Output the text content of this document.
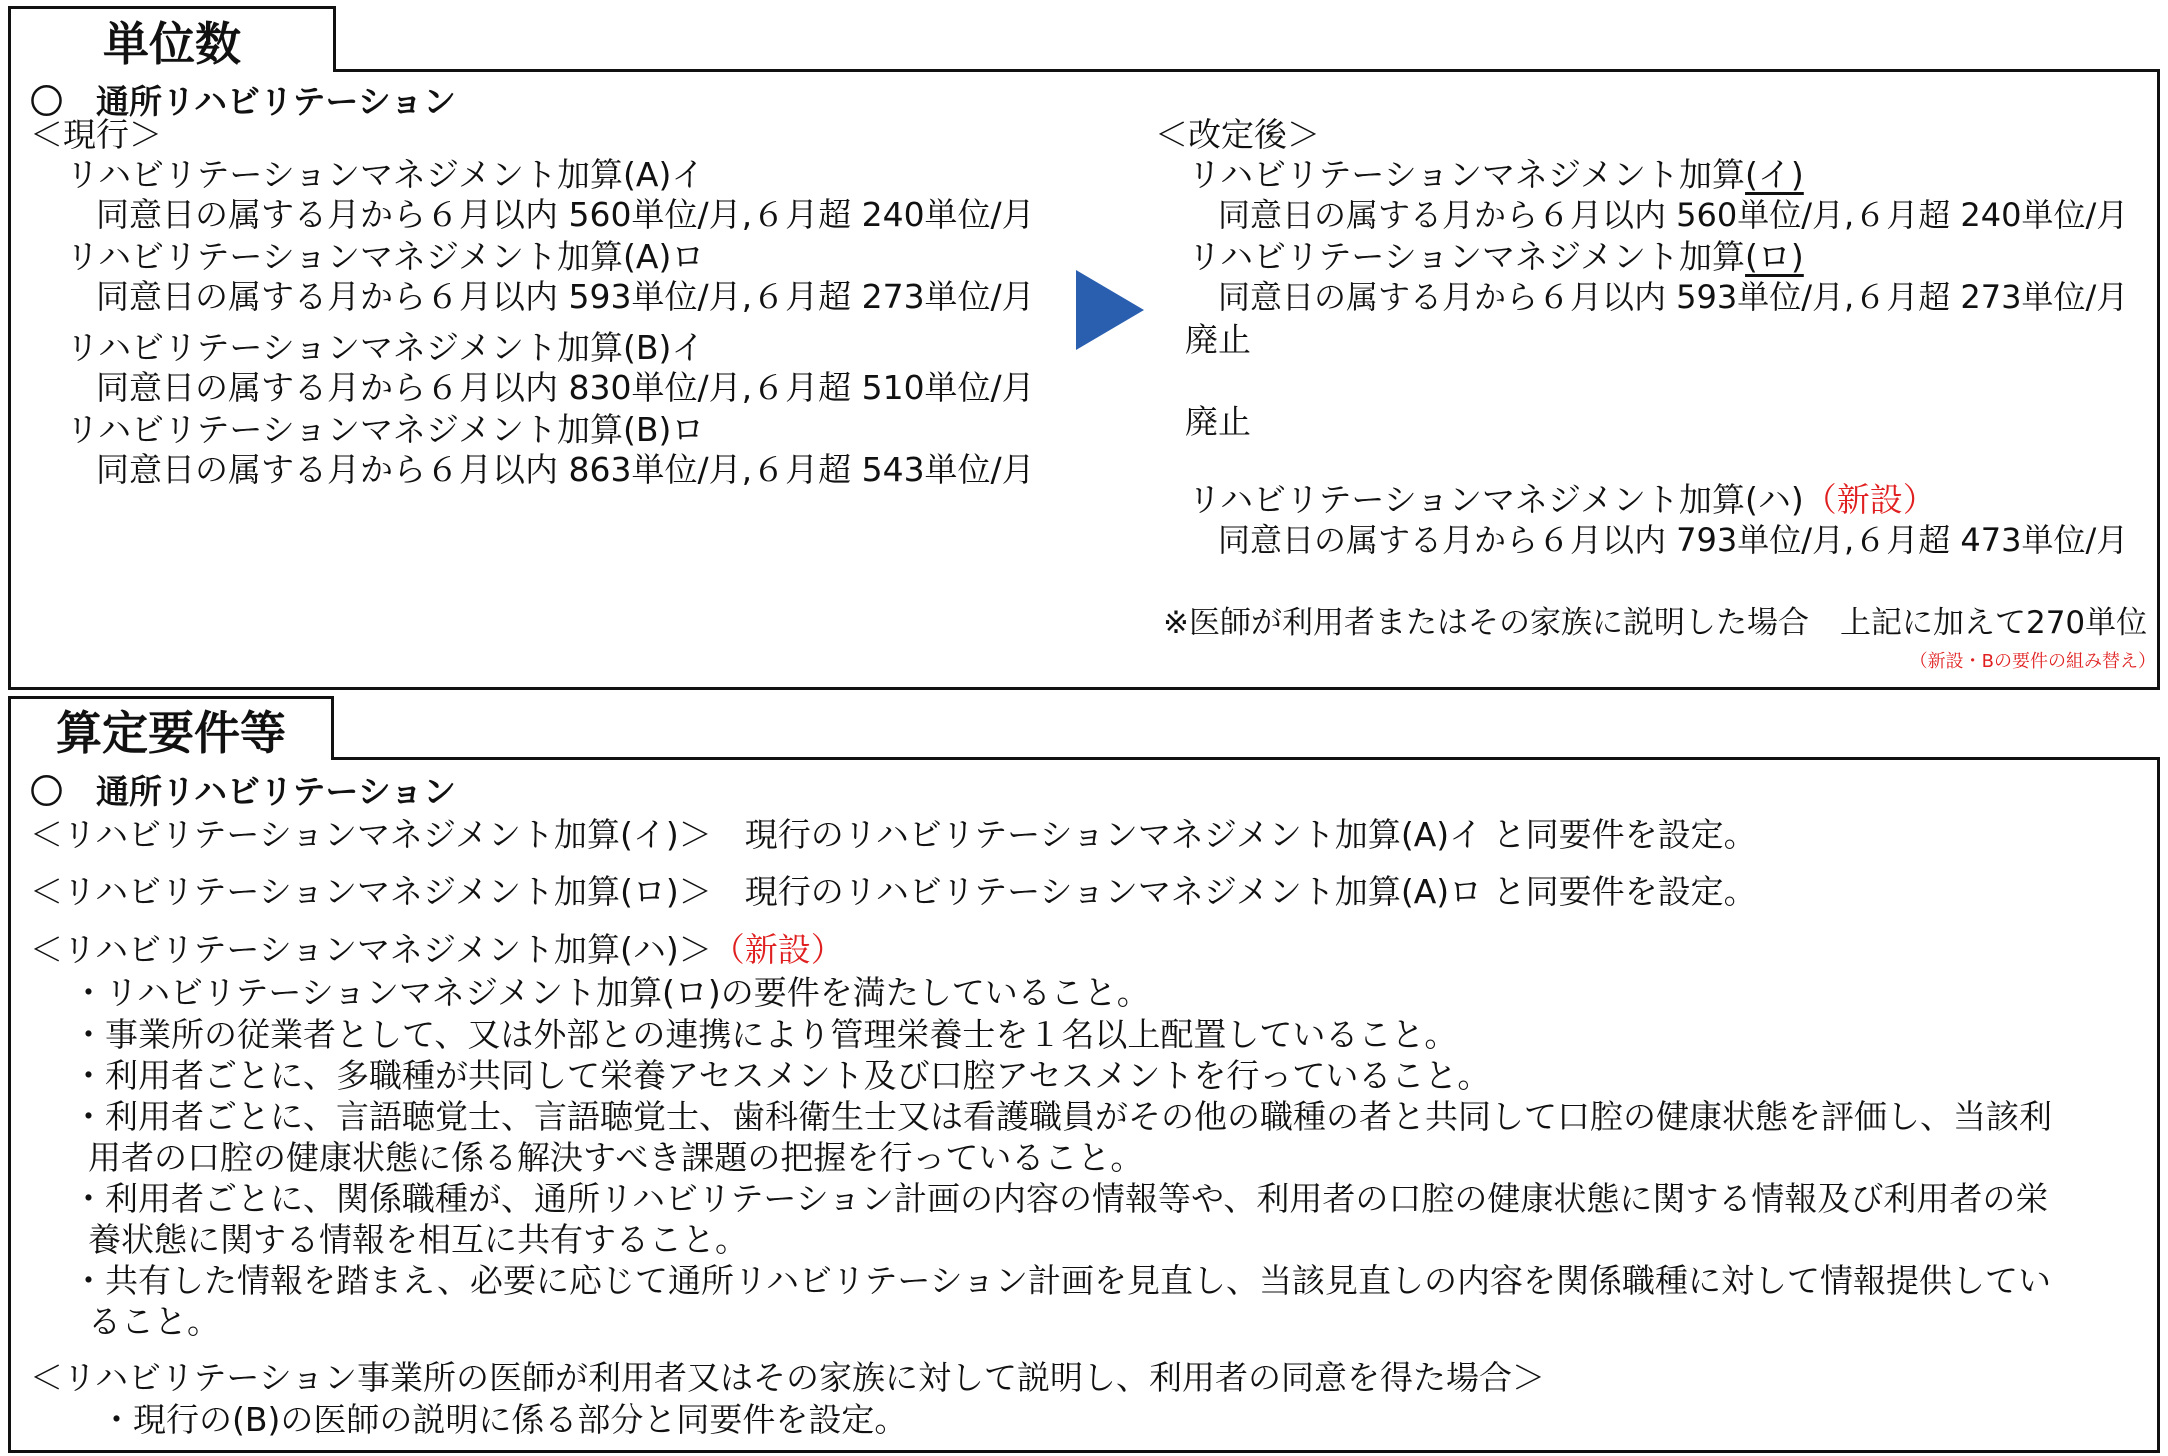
単位数
〇　通所リハビリテーション
＜現行＞
リハビリテーションマネジメント加算(A)イ
同意日の属する月から６月以内 560単位/月,６月超 240単位/月
リハビリテーションマネジメント加算(A)ロ
同意日の属する月から６月以内 593単位/月,６月超 273単位/月
リハビリテーションマネジメント加算(B)イ
同意日の属する月から６月以内 830単位/月,６月超 510単位/月
リハビリテーションマネジメント加算(B)ロ
同意日の属する月から６月以内 863単位/月,６月超 543単位/月
＜改定後＞
リハビリテーションマネジメント加算(イ)
同意日の属する月から６月以内 560単位/月,６月超 240単位/月
リハビリテーションマネジメント加算(ロ)
同意日の属する月から６月以内 593単位/月,６月超 273単位/月
廃止
廃止
リハビリテーションマネジメント加算(ハ)（新設）
同意日の属する月から６月以内 793単位/月,６月超 473単位/月
※医師が利用者またはその家族に説明した場合　上記に加えて270単位
（新設・Bの要件の組み替え）
算定要件等
〇　通所リハビリテーション
＜リハビリテーションマネジメント加算(イ)＞　現行のリハビリテーションマネジメント加算(A)イ と同要件を設定。
＜リハビリテーションマネジメント加算(ロ)＞　現行のリハビリテーションマネジメント加算(A)ロ と同要件を設定。
＜リハビリテーションマネジメント加算(ハ)＞（新設）
・リハビリテーションマネジメント加算(ロ)の要件を満たしていること。
・事業所の従業者として、又は外部との連携により管理栄養士を１名以上配置していること。
・利用者ごとに、多職種が共同して栄養アセスメント及び口腔アセスメントを行っていること。
・利用者ごとに、言語聴覚士、言語聴覚士、歯科衛生士又は看護職員がその他の職種の者と共同して口腔の健康状態を評価し、当該利
用者の口腔の健康状態に係る解決すべき課題の把握を行っていること。
・利用者ごとに、関係職種が、通所リハビリテーション計画の内容の情報等や、利用者の口腔の健康状態に関する情報及び利用者の栄
養状態に関する情報を相互に共有すること。
・共有した情報を踏まえ、必要に応じて通所リハビリテーション計画を見直し、当該見直しの内容を関係職種に対して情報提供してい
ること。
＜リハビリテーション事業所の医師が利用者又はその家族に対して説明し、利用者の同意を得た場合＞
・現行の(B)の医師の説明に係る部分と同要件を設定。
